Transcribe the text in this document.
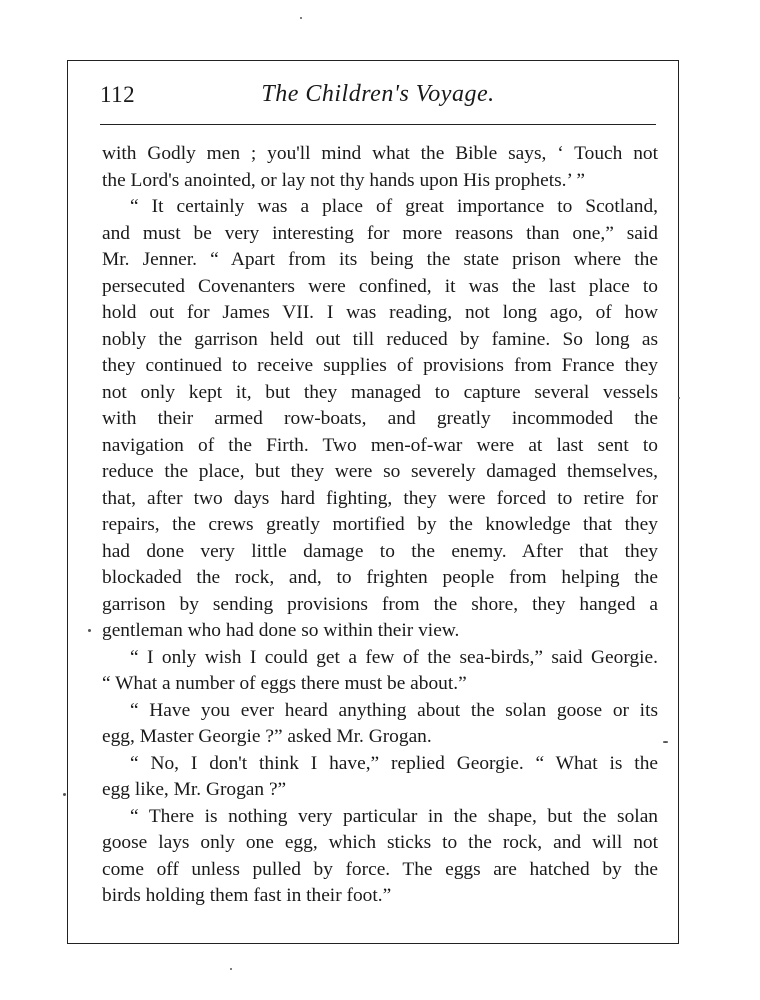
112	The Children's Voyage.
with Godly men ; you'll mind what the Bible says, ‘ Touch not
the Lord's anointed, or lay not thy hands upon His prophets.’ ”
“ It certainly was a place of great importance to Scotland,
and must be very interesting for more reasons than one,” said
Mr. Jenner. “ Apart from its being the state prison where the
persecuted Covenanters were confined, it was the last place to
hold out for James VII. I was reading, not long ago, of how
nobly the garrison held out till reduced by famine. So long as
they continued to receive supplies of provisions from France they
not only kept it, but they managed to capture several vessels
with their armed row-boats, and greatly incommoded the
navigation of the Firth. Two men-of-war were at last sent to
reduce the place, but they were so severely damaged themselves,
that, after two days hard fighting, they were forced to retire for
repairs, the crews greatly mortified by the knowledge that they
had done very little damage to the enemy. After that they
blockaded the rock, and, to frighten people from helping the
garrison by sending provisions from the shore, they hanged a
gentleman who had done so within their view.
“ I only wish I could get a few of the sea-birds,” said Georgie.
“ What a number of eggs there must be about.”
“ Have you ever heard anything about the solan goose or its
egg, Master Georgie ?” asked Mr. Grogan.
“ No, I don't think I have,” replied Georgie. “ What is the
egg like, Mr. Grogan ?”
“ There is nothing very particular in the shape, but the solan
goose lays only one egg, which sticks to the rock, and will not
come off unless pulled by force. The eggs are hatched by the
birds holding them fast in their foot.”
